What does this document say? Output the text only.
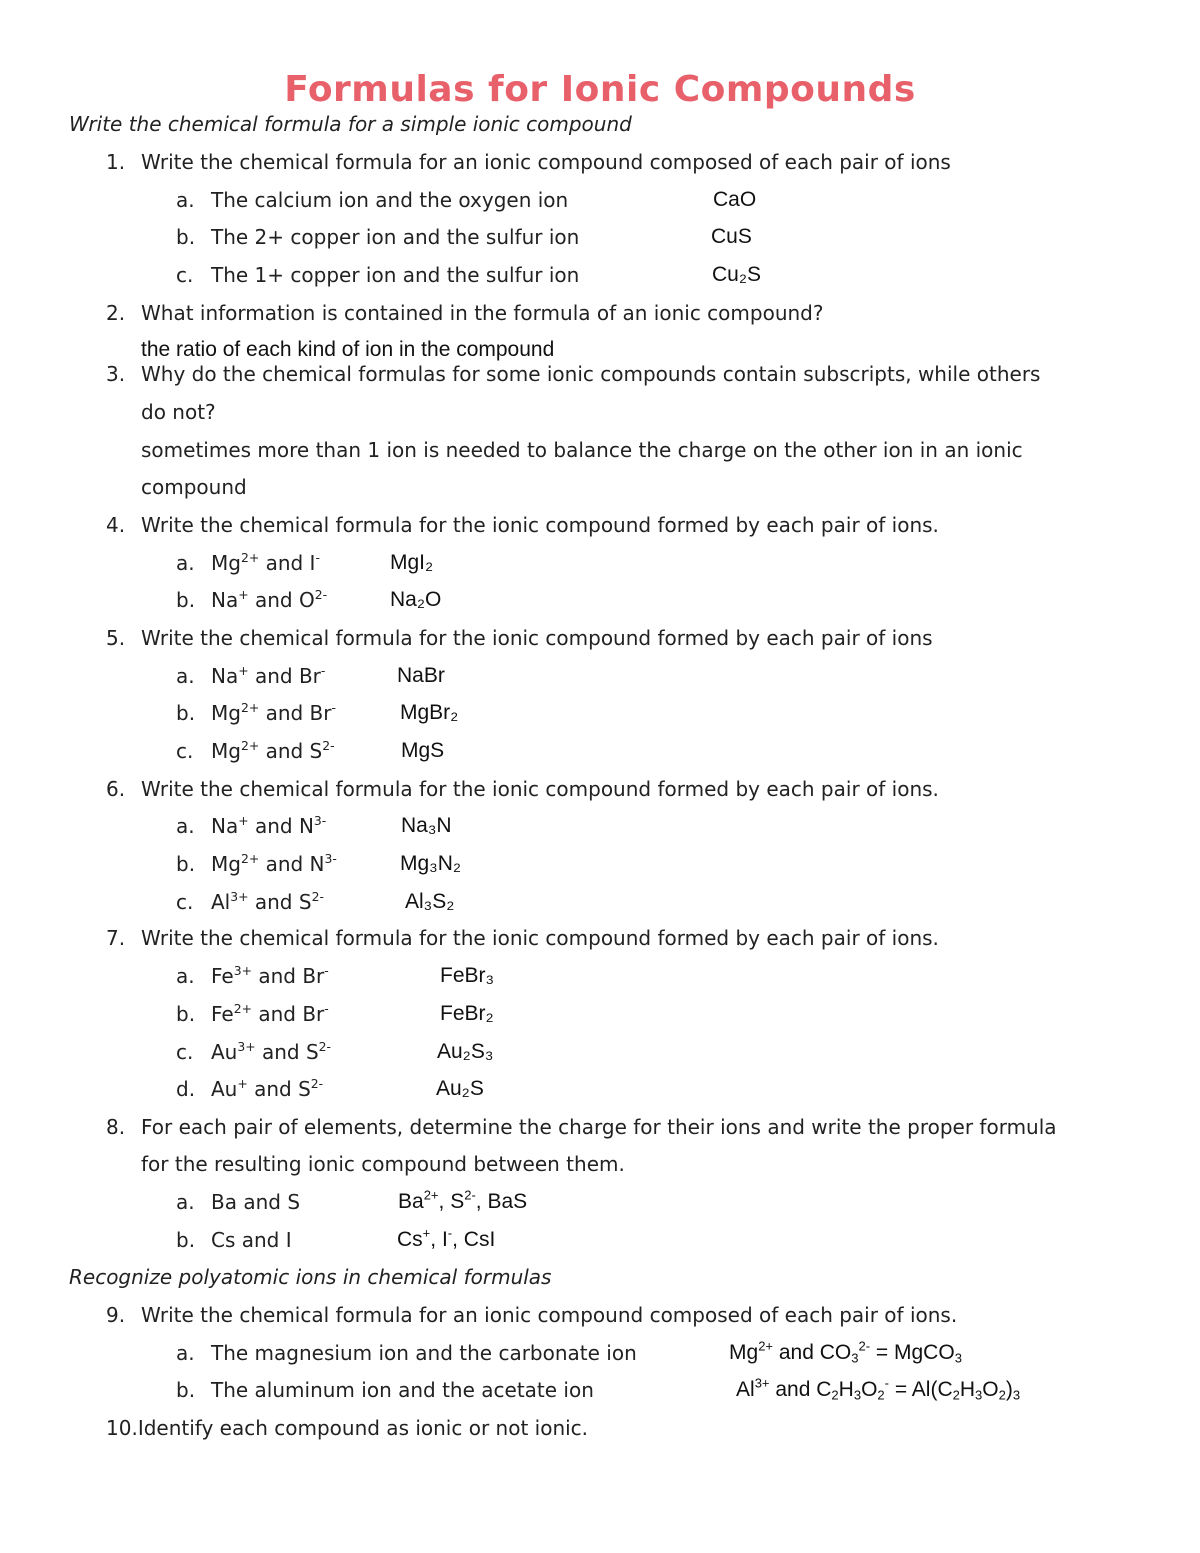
Formulas for Ionic Compounds
Write the chemical formula for a simple ionic compound
1. Write the chemical formula for an ionic compound composed of each pair of ions
a. The calcium ion and the oxygen ion	CaO
b. The 2+ copper ion and the sulfur ion	CuS
c. The 1+ copper ion and the sulfur ion	Cu₂S
2. What information is contained in the formula of an ionic compound?
the ratio of each kind of ion in the compound
3. Why do the chemical formulas for some ionic compounds contain subscripts, while others
do not?
sometimes more than 1 ion is needed to balance the charge on the other ion in an ionic
compound
4. Write the chemical formula for the ionic compound formed by each pair of ions.
a. $Mg^{2+}$ and I-	MgI₂
b. Na+ and $O^{2-}$	Na₂O
5. Write the chemical formula for the ionic compound formed by each pair of ions
a. Na+ and Br-	NaBr
b. $Mg^{2+}$ and Br-	MgBr₂
c. $Mg^{2+}$ and $S^{2-}$	MgS
6. Write the chemical formula for the ionic compound formed by each pair of ions.
a. Na+ and $N^{3-}$	Na₃N
b. $Mg^{2+}$ and $N^{3-}$	Mg₃N₂
c. $Al^{3+}$ and $S^{2-}$	Al₃S₂
7. Write the chemical formula for the ionic compound formed by each pair of ions.
a. $Fe^{3+}$ and Br-	FeBr₃
b. $Fe^{2+}$ and Br-	FeBr₂
c. $Au^{3+}$ and $S^{2-}$	Au₂S₃
d. Au+ and $S^{2-}$	Au₂S
8. For each pair of elements, determine the charge for their ions and write the proper formula
for the resulting ionic compound between them.
a. Ba and S	$Ba^{2+}$, $S^{2-}$, BaS
b. Cs and I	Cs+, I-, CsI
Recognize polyatomic ions in chemical formulas
9. Write the chemical formula for an ionic compound composed of each pair of ions.
a. The magnesium ion and the carbonate ion	$Mg^{2+}$ and $CO_3^{2-}$ = MgCO$_3$
b. The aluminum ion and the acetate ion	$Al^{3+}$ and $C_2H_3O_2^- = Al(C_2H_3O_2)_3$
10.Identify each compound as ionic or not ionic.
